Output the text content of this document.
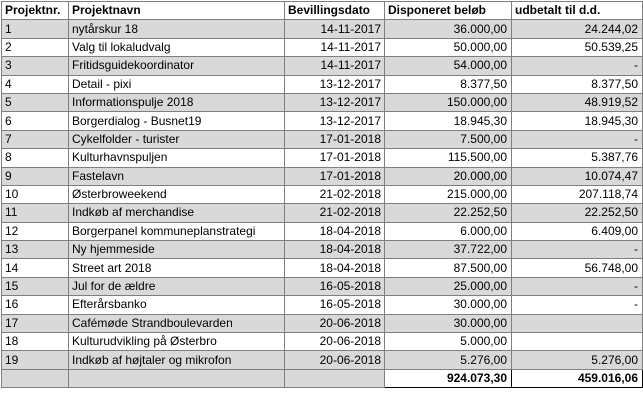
Projektnr.	Projektnavn	Bevillingsdato	Disponeret beløb	udbetalt til d.d.
1	nytårskur 18	14-11-2017	36.000,00	24.244,02
2	Valg til lokaludvalg	14-11-2017	50.000,00	50.539,25
3	Fritidsguidekoordinator	14-11-2017	54.000,00	-
4	Detail - pixi	13-12-2017	8.377,50	8.377,50
5	Informationspulje 2018	13-12-2017	150.000,00	48.919,52
6	Borgerdialog - Busnet19	13-12-2017	18.945,30	18.945,30
7	Cykelfolder - turister	17-01-2018	7.500,00	-
8	Kulturhavnspuljen	17-01-2018	115.500,00	5.387,76
9	Fastelavn	17-01-2018	20.000,00	10.074,47
10	Østerbroweekend	21-02-2018	215.000,00	207.118,74
11	Indkøb af merchandise	21-02-2018	22.252,50	22.252,50
12	Borgerpanel kommuneplanstrategi	18-04-2018	6.000,00	6.409,00
13	Ny hjemmeside	18-04-2018	37.722,00	-
14	Street art 2018	18-04-2018	87.500,00	56.748,00
15	Jul for de ældre	16-05-2018	25.000,00	-
16	Efterårsbanko	16-05-2018	30.000,00	-
17	Cafémøde Strandboulevarden	20-06-2018	30.000,00	
18	Kulturudvikling på Østerbro	20-06-2018	5.000,00	
19	Indkøb af højtaler og mikrofon	20-06-2018	5.276,00	5.276,00
			924.073,30	459.016,06
